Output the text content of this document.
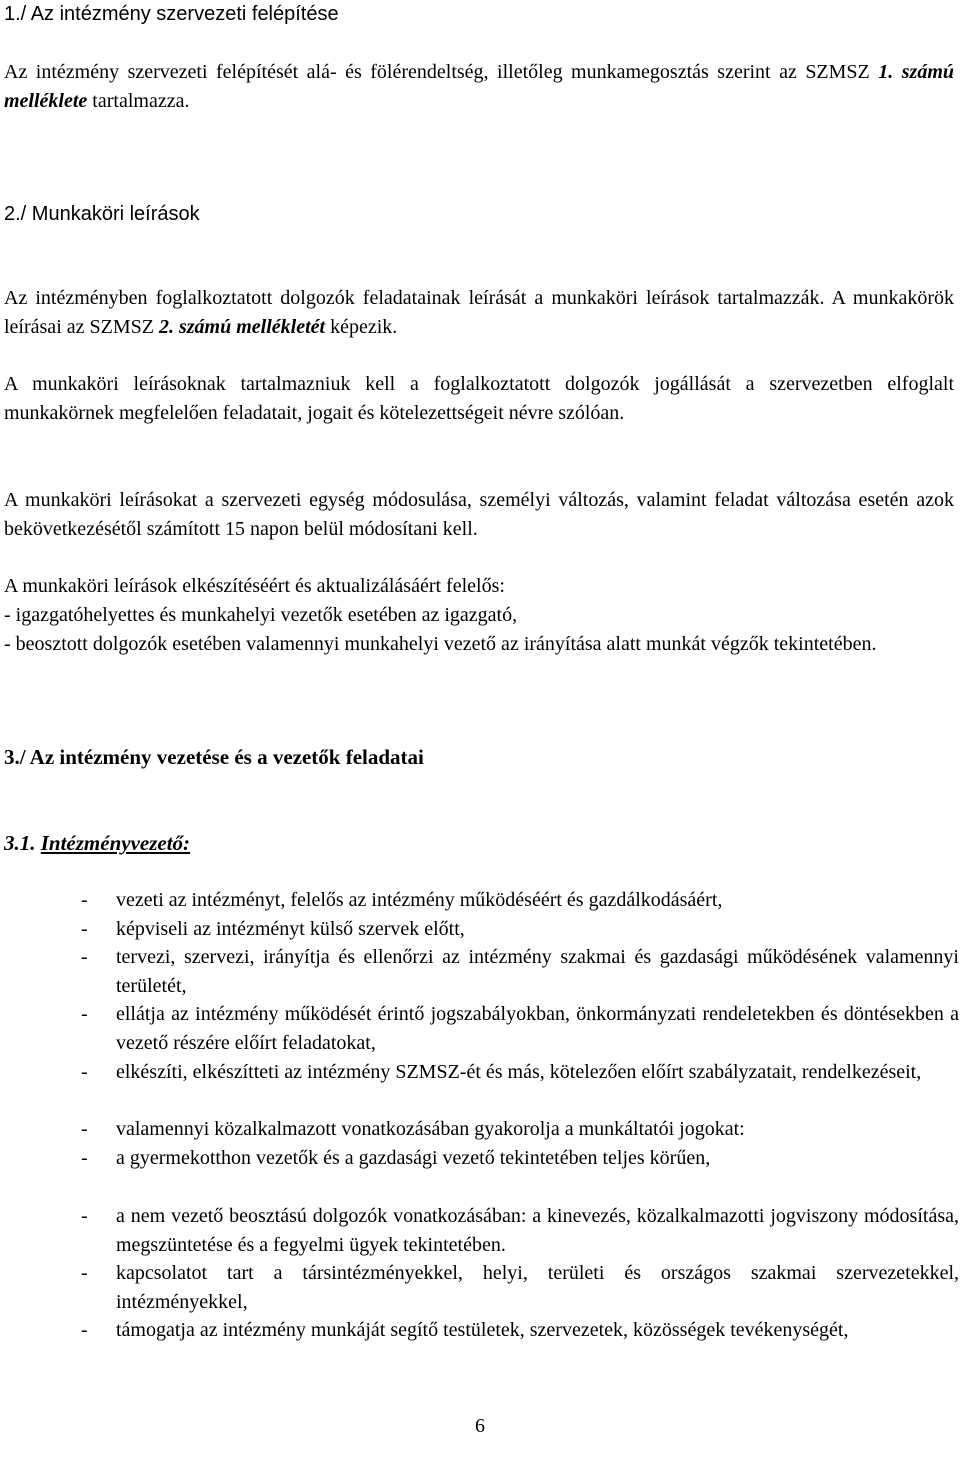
1./ Az intézmény szervezeti felépítése
Az intézmény szervezeti felépítését alá- és fölérendeltség, illetőleg munkamegosztás szerint az SZMSZ 1. számú melléklete tartalmazza.
2./ Munkaköri leírások
Az intézményben foglalkoztatott dolgozók feladatainak leírását a munkaköri leírások tartalmazzák. A munkakörök leírásai az SZMSZ 2. számú mellékletét képezik.
A munkaköri leírásoknak tartalmazniuk kell a foglalkoztatott dolgozók jogállását a szervezetben elfoglalt munkakörnek megfelelően feladatait, jogait és kötelezettségeit névre szólóan.
A munkaköri leírásokat a szervezeti egység módosulása, személyi változás, valamint feladat változása esetén azok bekövetkezésétől számított 15 napon belül módosítani kell.
A munkaköri leírások elkészítéséért és aktualizálásáért felelős:
- igazgatóhelyettes és munkahelyi vezetők esetében az igazgató,
- beosztott dolgozók esetében valamennyi munkahelyi vezető az irányítása alatt munkát végzők tekintetében.
3./ Az intézmény vezetése és a vezetők feladatai
3.1. Intézményvezető:
- vezeti az intézményt, felelős az intézmény működéséért és gazdálkodásáért,
- képviseli az intézményt külső szervek előtt,
- tervezi, szervezi, irányítja és ellenőrzi az intézmény szakmai és gazdasági működésének valamennyi területét,
- ellátja az intézmény működését érintő jogszabályokban, önkormányzati rendeletekben és döntésekben a vezető részére előírt feladatokat,
- elkészíti, elkészítteti az intézmény SZMSZ-ét és más, kötelezően előírt szabályzatait, rendelkezéseit,
- valamennyi közalkalmazott vonatkozásában gyakorolja a munkáltatói jogokat:
- a gyermekotthon vezetők és a gazdasági vezető tekintetében teljes körűen,
- a nem vezető beosztású dolgozók vonatkozásában: a kinevezés, közalkalmazotti jogviszony módosítása, megszüntetése és a fegyelmi ügyek tekintetében.
- kapcsolatot tart a társintézményekkel, helyi, területi és országos szakmai szervezetekkel, intézményekkel,
- támogatja az intézmény munkáját segítő testületek, szervezetek, közösségek tevékenységét,
6
